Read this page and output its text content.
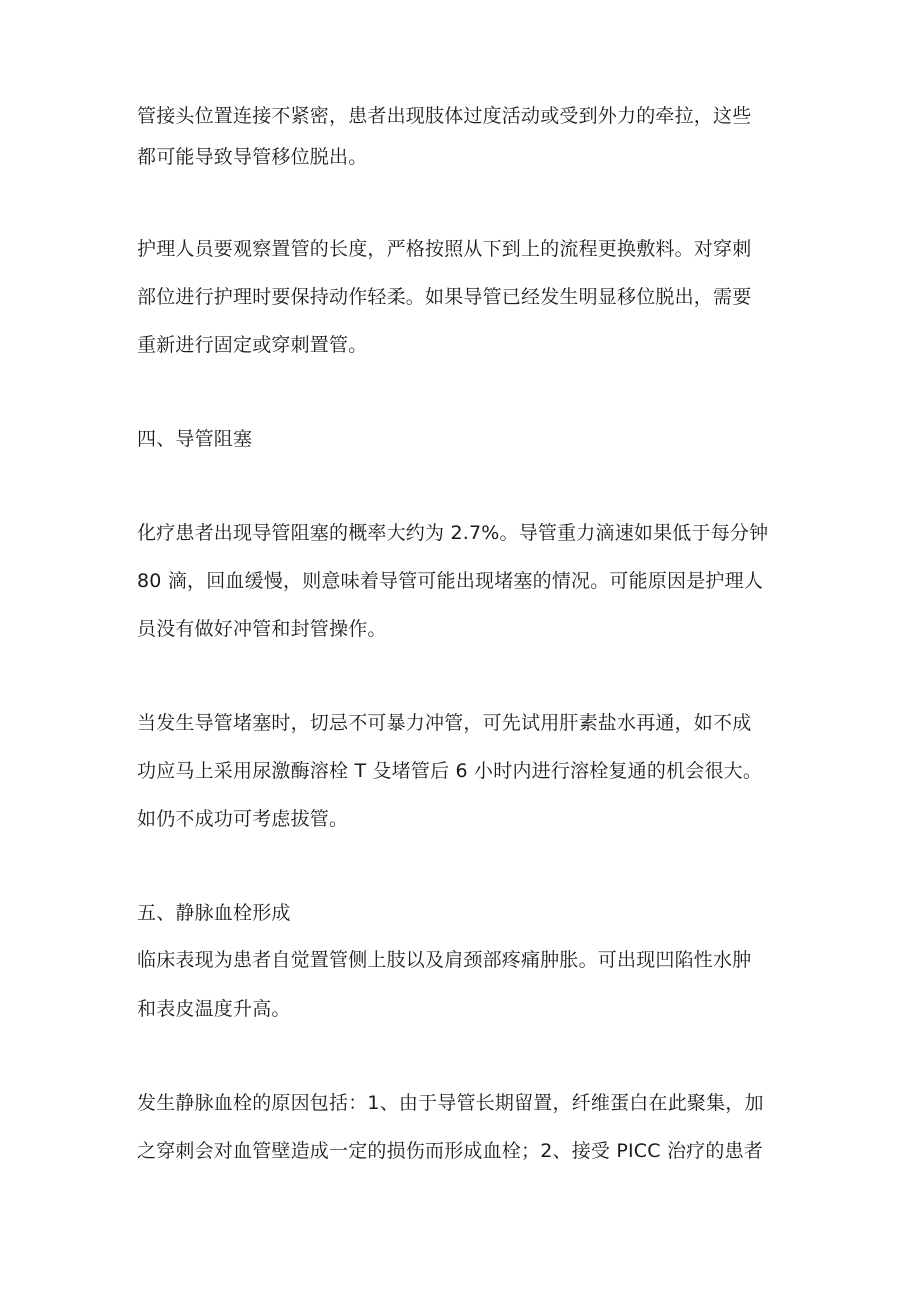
管接头位置连接不紧密，患者出现肢体过度活动或受到外力的牵拉，这些
都可能导致导管移位脱出。
护理人员要观察置管的长度，严格按照从下到上的流程更换敷料。对穿刺
部位进行护理时要保持动作轻柔。如果导管已经发生明显移位脱出，需要
重新进行固定或穿刺置管。
四、导管阻塞
化疗患者出现导管阻塞的概率大约为 2.7%。导管重力滴速如果低于每分钟
80 滴，回血缓慢，则意味着导管可能出现堵塞的情况。可能原因是护理人
员没有做好冲管和封管操作。
当发生导管堵塞时，切忌不可暴力冲管，可先试用肝素盐水再通，如不成
功应马上采用尿激酶溶栓 T 殳堵管后 6 小时内进行溶栓复通的机会很大。
如仍不成功可考虑拔管。
五、静脉血栓形成
临床表现为患者自觉置管侧上肢以及肩颈部疼痛肿胀。可出现凹陷性水肿
和表皮温度升高。
发生静脉血栓的原因包括：1、由于导管长期留置，纤维蛋白在此聚集，加
之穿刺会对血管壁造成一定的损伤而形成血栓；2、接受 PICC 治疗的患者
